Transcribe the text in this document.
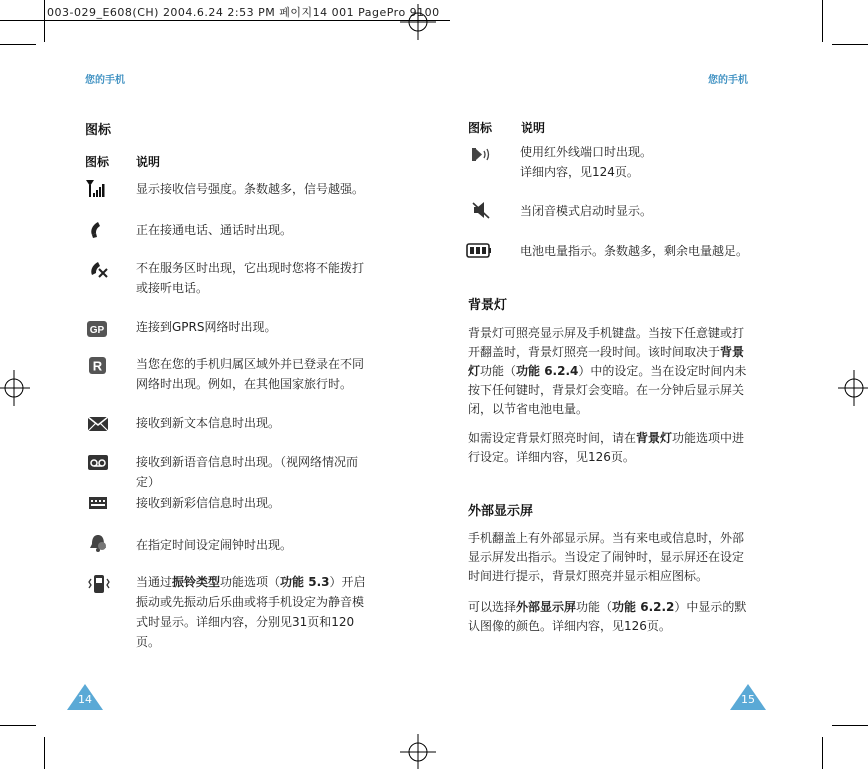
003-029_E608(CH) 2004.6.24 2:53 PM 페이지14 001 PagePro 9100
您的手机
图标
图标 说明
显示接收信号强度。条数越多，信号越强。
正在接通电话、通话时出现。
不在服务区时出现，它出现时您将不能拨打或接听电话。
GP	连接到GPRS网络时出现。
R	当您在您的手机归属区域外并已登录在不同网络时出现。例如，在其他国家旅行时。
接收到新文本信息时出现。
接收到新语音信息时出现。（视网络情况而定）
接收到新彩信信息时出现。
在指定时间设定闹钟时出现。
当通过振铃类型功能选项（功能 5.3）开启振动或先振动后乐曲或将手机设定为静音模式时显示。详细内容，分别见31页和120页。
14
您的手机
图标 说明
使用红外线端口时出现。
详细内容，见124页。
当闭音模式启动时显示。
电池电量指示。条数越多，剩余电量越足。
背景灯
背景灯可照亮显示屏及手机键盘。当按下任意键或打开翻盖时，背景灯照亮一段时间。该时间取决于背景灯功能（功能 6.2.4）中的设定。当在设定时间内未按下任何键时，背景灯会变暗。在一分钟后显示屏关闭，以节省电池电量。
如需设定背景灯照亮时间，请在背景灯功能选项中进行设定。详细内容，见126页。
外部显示屏
手机翻盖上有外部显示屏。当有来电或信息时，外部显示屏发出指示。当设定了闹钟时，显示屏还在设定时间进行提示，背景灯照亮并显示相应图标。
可以选择外部显示屏功能（功能 6.2.2）中显示的默认图像的颜色。详细内容，见126页。
15
